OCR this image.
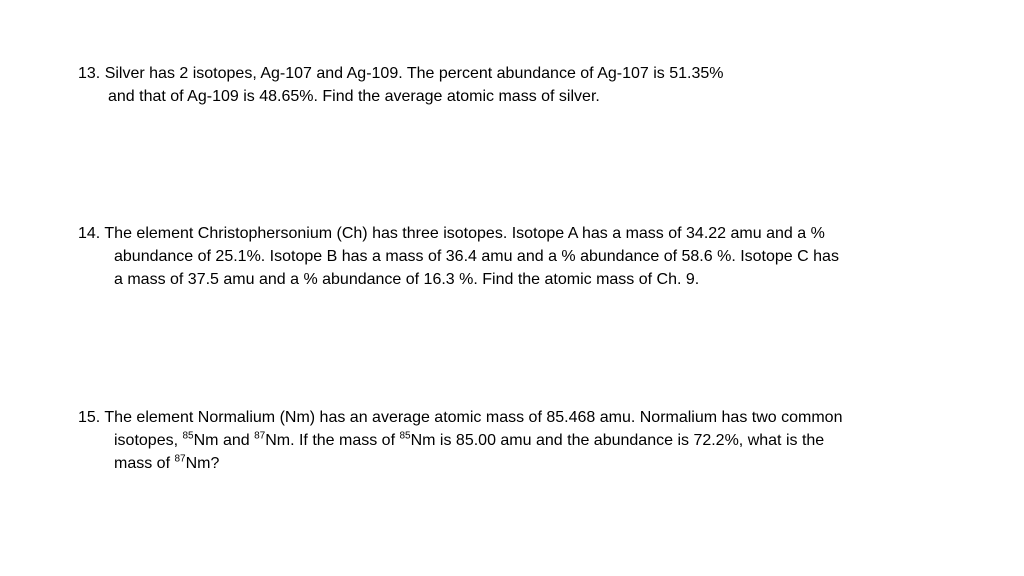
13. Silver has 2 isotopes, Ag-107 and Ag-109. The percent abundance of Ag-107 is 51.35%
and that of Ag-109 is 48.65%. Find the average atomic mass of silver.

14. The element Christophersonium (Ch) has three isotopes. Isotope A has a mass of 34.22 amu and a %
abundance of 25.1%. Isotope B has a mass of 36.4 amu and a % abundance of 58.6 %. Isotope C has
a mass of 37.5 amu and a % abundance of 16.3 %. Find the atomic mass of Ch. 9.

15. The element Normalium (Nm) has an average atomic mass of 85.468 amu. Normalium has two common
isotopes, $^{85}$Nm and $^{87}$Nm. If the mass of $^{85}$Nm is 85.00 amu and the abundance is 72.2%, what is the
mass of $^{87}$Nm?
